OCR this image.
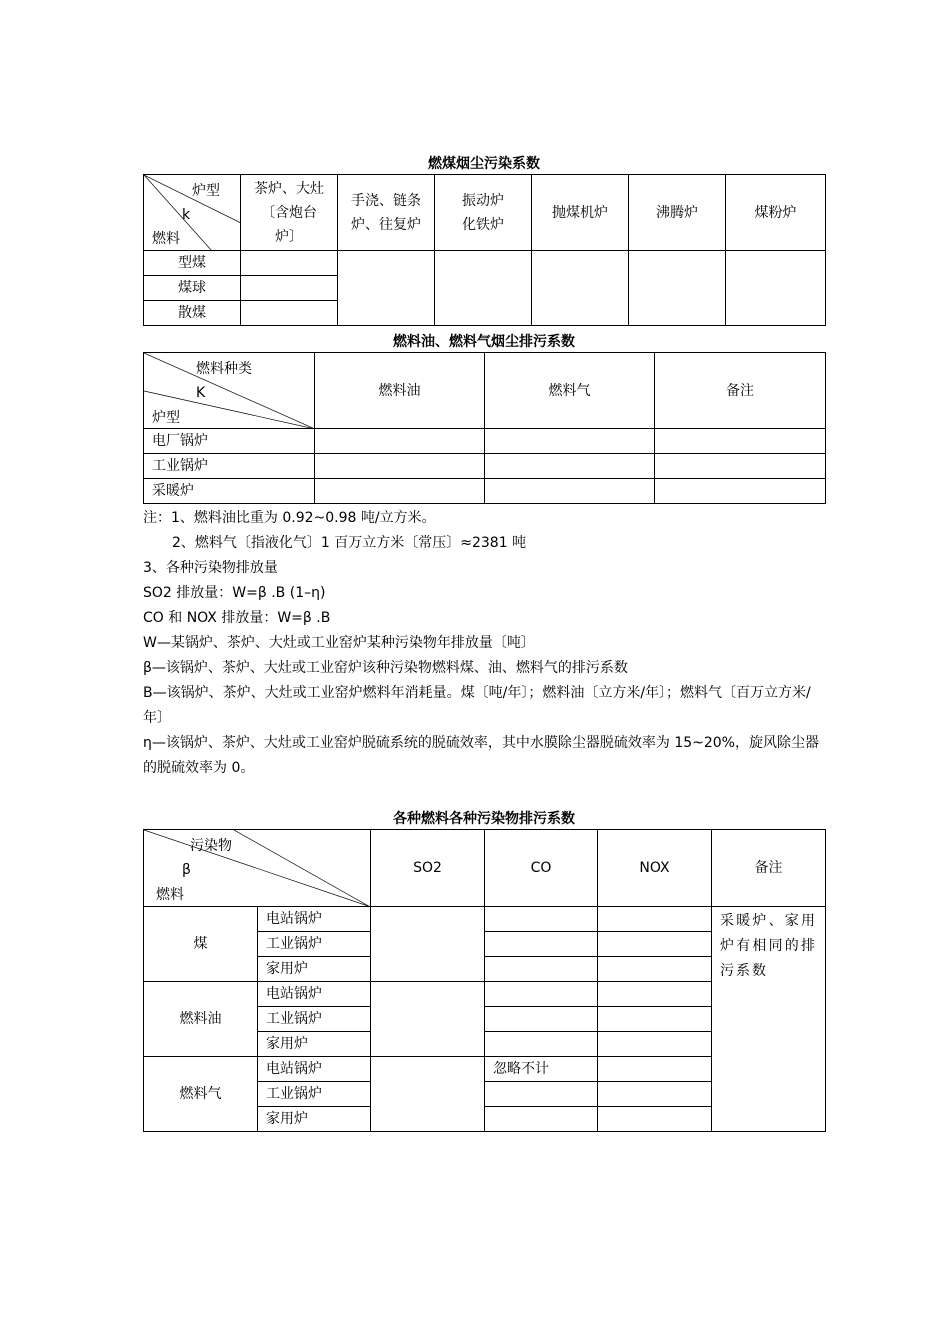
燃煤烟尘污染系数
炉型
k
燃料	茶炉、大灶〔含炮台炉〕	手浇、链条炉、往复炉	振动炉化铁炉	抛煤机炉	沸腾炉	煤粉炉
型煤						
煤球						
散煤						
燃料油、燃料气烟尘排污系数
燃料种类
K
炉型	燃料油	燃料气	备注
电厂锅炉			
工业锅炉			
采暖炉			
注：1、燃料油比重为 0.92~0.98 吨/立方米。
2、燃料气〔指液化气〕1 百万立方米〔常压〕≈2381 吨
3、各种污染物排放量
SO2 排放量：W=β .B (1–η)
CO 和 NOX 排放量：W=β .B
W—某锅炉、茶炉、大灶或工业窑炉某种污染物年排放量〔吨〕
β—该锅炉、茶炉、大灶或工业窑炉该种污染物燃料煤、油、燃料气的排污系数
B—该锅炉、茶炉、大灶或工业窑炉燃料年消耗量。煤〔吨/年〕；燃料油〔立方米/年〕；燃料气〔百万立方米/年〕
η—该锅炉、茶炉、大灶或工业窑炉脱硫系统的脱硫效率，其中水膜除尘器脱硫效率为 15~20%，旋风除尘器的脱硫效率为 0。
各种燃料各种污染物排污系数
污染物
β
燃料		SO2	CO	NOX	备注
煤	电站锅炉				采暖炉、家用炉有相同的排污系数
	工业锅炉				
	家用炉				
燃料油	电站锅炉				
	工业锅炉				
	家用炉				
燃料气	电站锅炉		忽略不计		
	工业锅炉				
	家用炉				
